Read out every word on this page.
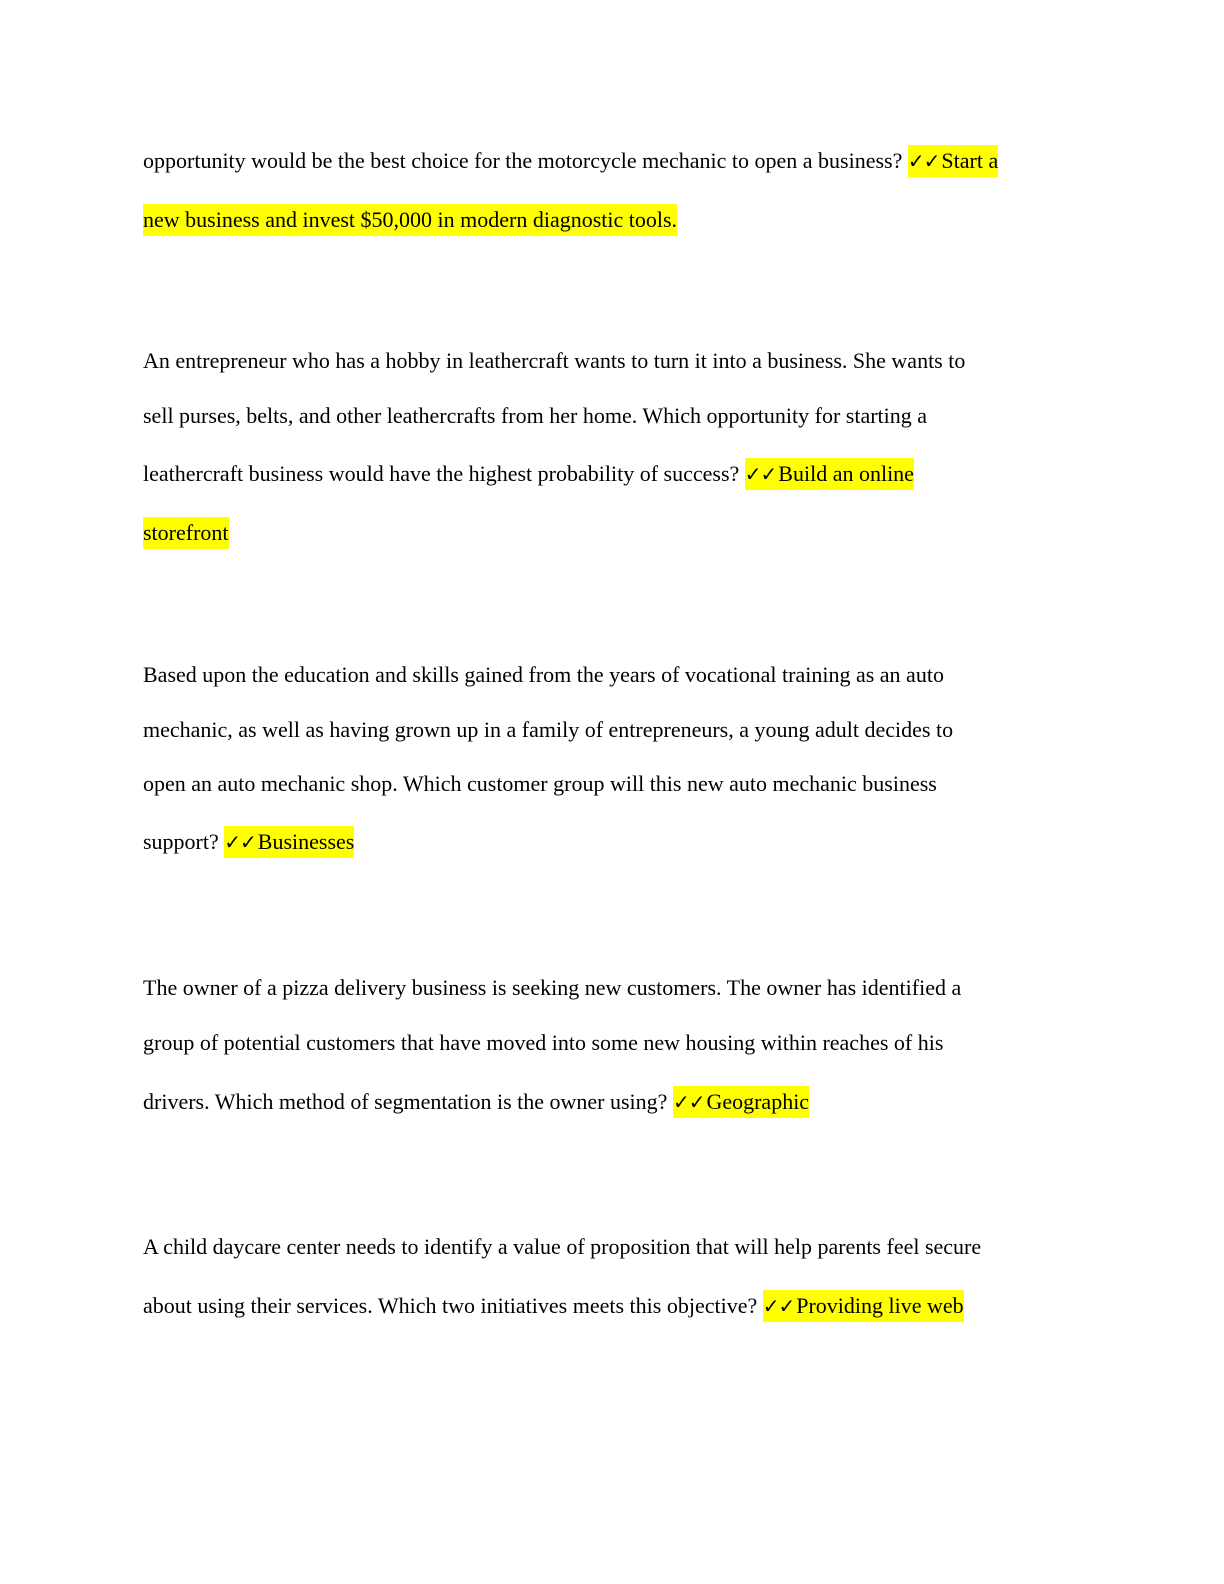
opportunity would be the best choice for the motorcycle mechanic to open a business? ✓✓Start a
new business and invest $50,000 in modern diagnostic tools.
An entrepreneur who has a hobby in leathercraft wants to turn it into a business. She wants to
sell purses, belts, and other leathercrafts from her home. Which opportunity for starting a
leathercraft business would have the highest probability of success? ✓✓Build an online
storefront
Based upon the education and skills gained from the years of vocational training as an auto
mechanic, as well as having grown up in a family of entrepreneurs, a young adult decides to
open an auto mechanic shop. Which customer group will this new auto mechanic business
support? ✓✓Businesses
The owner of a pizza delivery business is seeking new customers. The owner has identified a
group of potential customers that have moved into some new housing within reaches of his
drivers. Which method of segmentation is the owner using? ✓✓Geographic
A child daycare center needs to identify a value of proposition that will help parents feel secure
about using their services. Which two initiatives meets this objective? ✓✓Providing live web
